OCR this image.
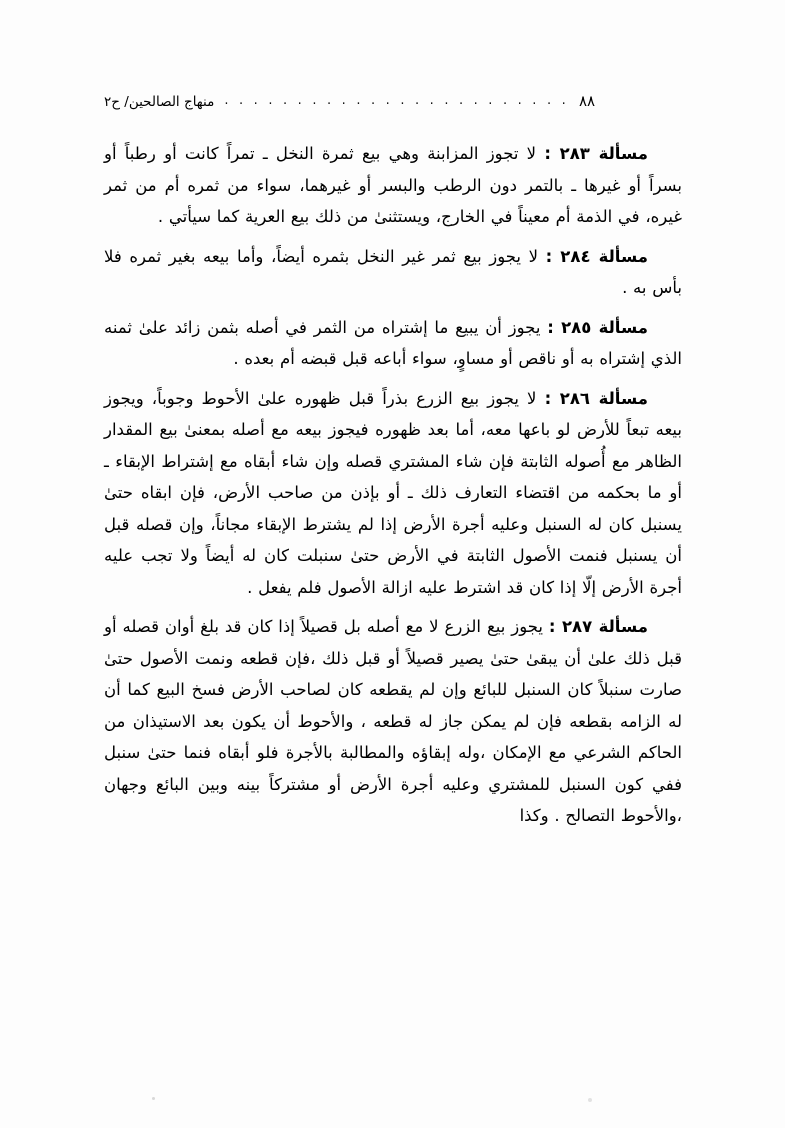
منهاج الصالحين/ ح٢ . . . . . . . . . . . . . . . . . . . . . . . . ٨٨

مسألة ٢٨٣ : لا تجوز المزابنة وهي بيع ثمرة النخل ـ تمراً كانت أو رطباً أو بسراً أو غيرها ـ بالتمر دون الرطب والبسر أو غيرهما، سواء من ثمره أم من ثمر غيره، في الذمة أم معيناً في الخارج، ويستثنىٰ من ذلك بيع العرية كما سيأتي .

مسألة ٢٨٤ : لا يجوز بيع ثمر غير النخل بثمره أيضاً، وأما بيعه بغير ثمره فلا بأس به .

مسألة ٢٨٥ : يجوز أن يبيع ما إشتراه من الثمر في أصله بثمن زائد علىٰ ثمنه الذي إشتراه به أو ناقص أو مساوٍ، سواء أباعه قبل قبضه أم بعده .

مسألة ٢٨٦ : لا يجوز بيع الزرع بذراً قبل ظهوره علىٰ الأحوط وجوباً، ويجوز بيعه تبعاً للأرض لو باعها معه، أما بعد ظهوره فيجوز بيعه مع أصله بمعنىٰ بيع المقدار الظاهر مع أُصوله الثابتة فإن شاء المشتري قصله وإن شاء أبقاه مع إشتراط الإبقاء ـ أو ما بحكمه من اقتضاء التعارف ذلك ـ أو بإذن من صاحب الأرض، فإن ابقاه حتىٰ يسنبل كان له السنبل وعليه أجرة الأرض إذا لم يشترط الإبقاء مجاناً، وإن قصله قبل أن يسنبل فنمت الأصول الثابتة في الأرض حتىٰ سنبلت كان له أيضاً ولا تجب عليه أجرة الأرض إلّا إذا كان قد اشترط عليه ازالة الأصول فلم يفعل .

مسألة ٢٨٧ : يجوز بيع الزرع لا مع أصله بل قصيلاً إذا كان قد بلغ أوان قصله أو قبل ذلك علىٰ أن يبقىٰ حتىٰ يصير قصيلاً أو قبل ذلك ،فإن قطعه ونمت الأصول حتىٰ صارت سنبلاً كان السنبل للبائع وإن لم يقطعه كان لصاحب الأرض فسخ البيع كما أن له الزامه بقطعه فإن لم يمكن جاز له قطعه ، والأحوط أن يكون بعد الاستيذان من الحاكم الشرعي مع الإمكان ،وله إبقاؤه والمطالبة بالأجرة فلو أبقاه فنما حتىٰ سنبل ففي كون السنبل للمشتري وعليه أجرة الأرض أو مشتركاً بينه وبين البائع وجهان ،والأحوط التصالح . وكذا
